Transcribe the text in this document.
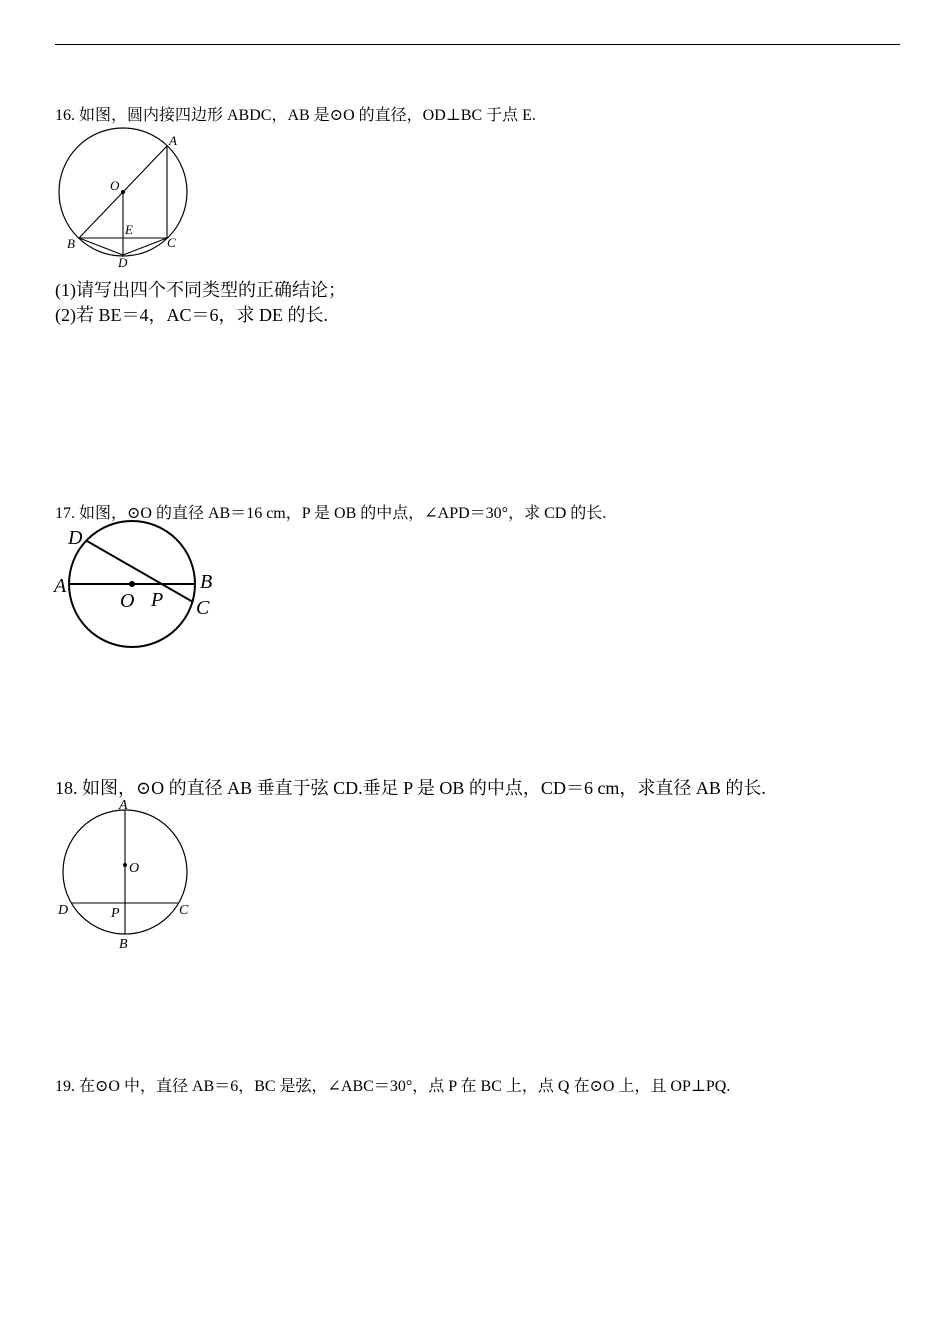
16. 如图，圆内接四边形 ABDC，AB 是⊙O 的直径，OD⊥BC 于点 E.
A
O
E
B	C
D
(1)请写出四个不同类型的正确结论；
(2)若 BE＝4，AC＝6，求 DE 的长.
17. 如图，⊙O 的直径 AB＝16 cm，P 是 OB 的中点，∠APD＝30°，求 CD 的长.
D
A	B
O P C
18. 如图，⊙O 的直径 AB 垂直于弦 CD.垂足 P 是 OB 的中点，CD＝6 cm，求直径 AB 的长.
A
O
D	P	C
B
19. 在⊙O 中，直径 AB＝6，BC 是弦，∠ABC＝30°，点 P 在 BC 上，点 Q 在⊙O 上，且 OP⊥PQ.
